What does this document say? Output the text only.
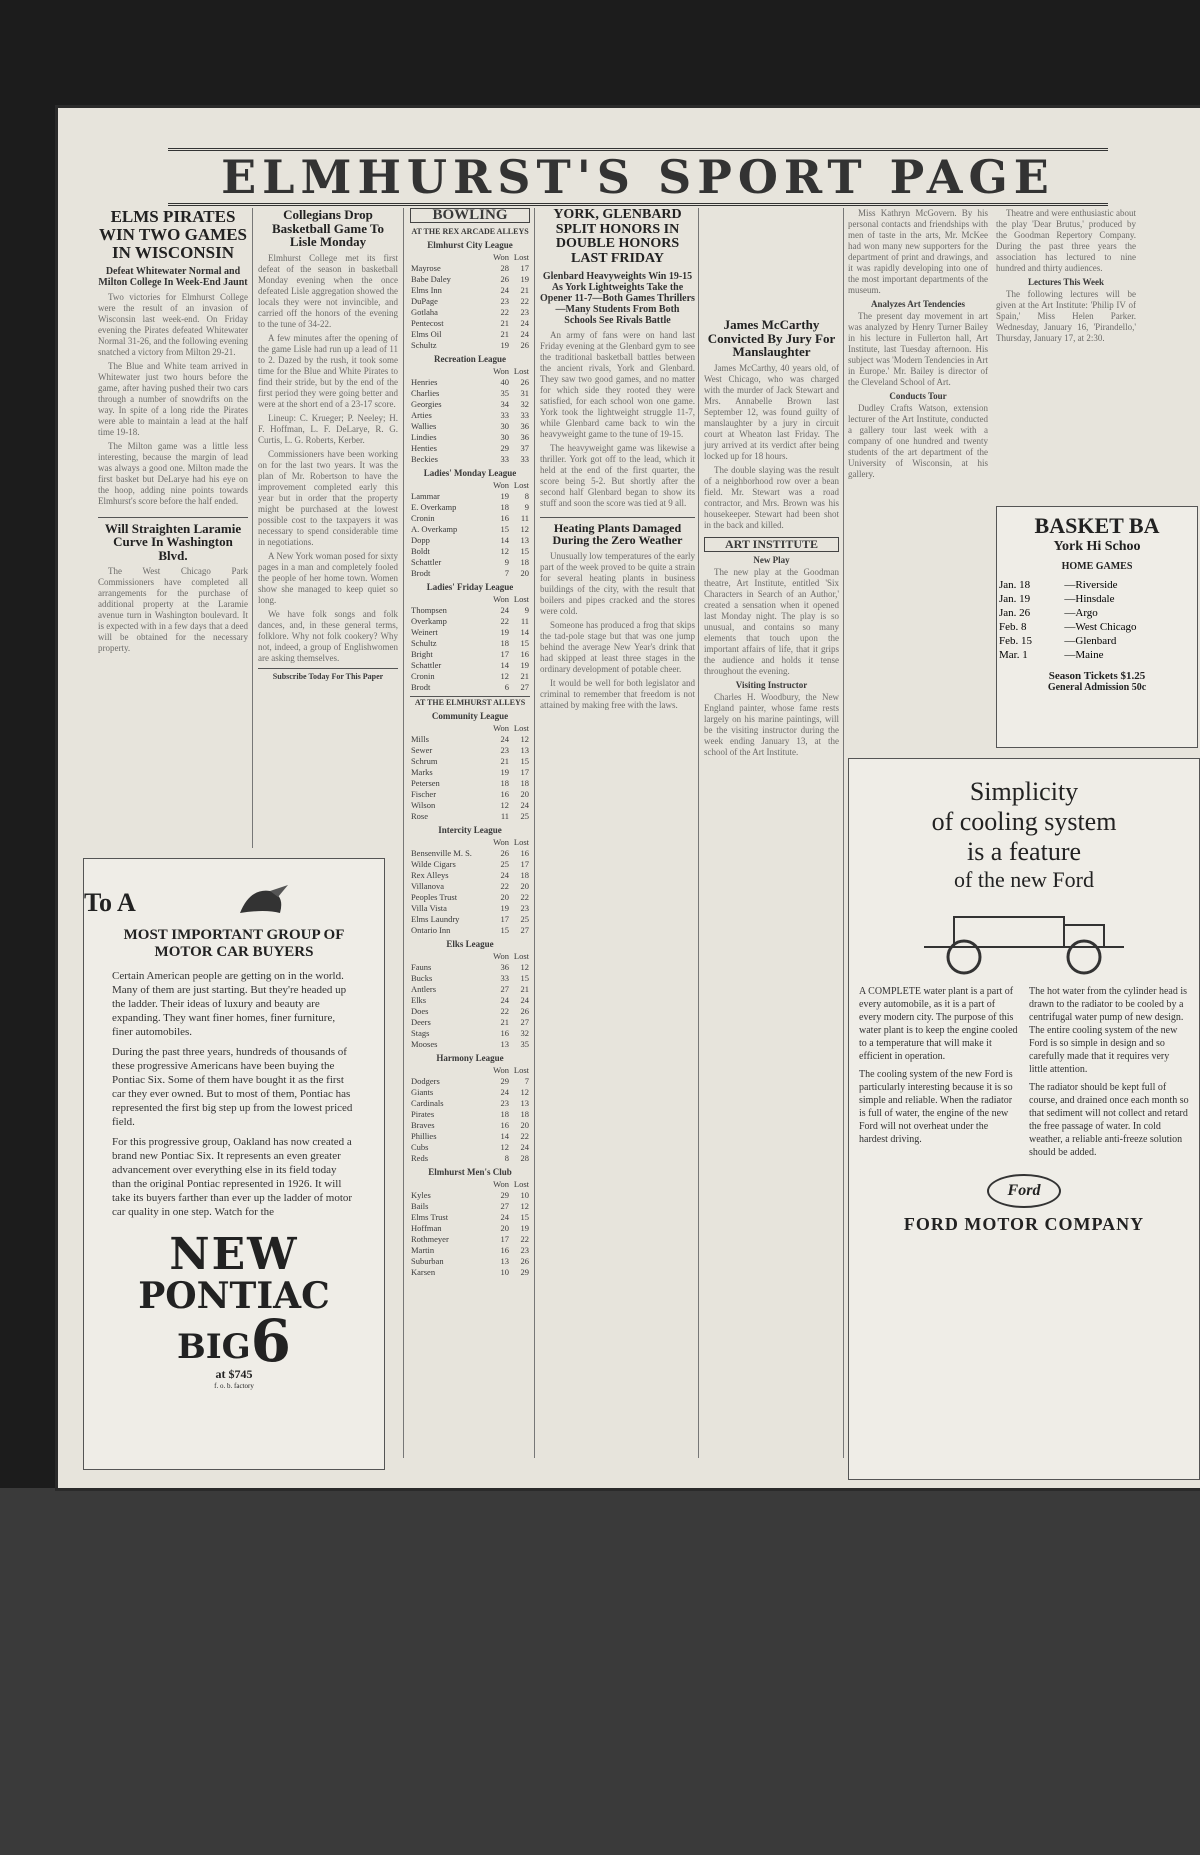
ELMHURST'S SPORT PAGE
ELMS PIRATES WIN TWO GAMES IN WISCONSIN
Defeat Whitewater Normal and Milton College In Week-End Jaunt

Two victories for Elmhurst College were the result of an invasion of Wisconsin last week-end. On Friday evening the Pirates defeated Whitewater Normal 31-26, and the following evening snatched a victory from Milton 29-21.

The Blue and White team arrived in Whitewater just two hours before the game, after having pushed their two cars through a number of snowdrifts on the way. In spite of a long ride the Pirates were able to maintain a lead at the half time 19-18.

The Milton game was a little less interesting, because the margin of lead was always a good one. Milton made the first basket but DeLarye had his eye on the hoop, adding nine points towards Elmhurst's score before the half ended.

Will Straighten Laramie Curve In Washington Blvd.

The West Chicago Park Commissioners have completed all arrangements for the purchase of additional property at the Laramie avenue turn in Washington boulevard. It is expected with in a few days that a deed will be obtained for the necessary property.

Collegians Drop Basketball Game To Lisle Monday

Elmhurst College met its first defeat of the season in basketball Monday evening when the once defeated Lisle aggregation showed the locals they were not invincible, and carried off the honors of the evening to the tune of 34-22.

A few minutes after the opening of the game Lisle had run up a lead of 11 to 2. Dazed by the rush, it took some time for the Blue and White Pirates to find their stride, but by the end of the first period they were going better and were at the short end of a 23-17 score.

Lineup: C. Krueger; P. Neeley; H. F. Hoffman, L. F. DeLarye, R. G. Curtis, L. G. Roberts, Kerber.

Commissioners have been working on for the last two years. It was the plan of Mr. Robertson to have the improvement completed early this year but in order that the property might be purchased at the lowest possible cost to the taxpayers it was necessary to spend considerable time in negotiations.

A New York woman posed for sixty pages in a man and completely fooled the people of her home town. Women show she managed to keep quiet so long.

We have folk songs and folk dances, and, in these general terms, folklore. Why not folk cookery? Why not, indeed, a group of Englishwomen are asking themselves.

Subscribe Today For This Paper
BOWLING
AT THE REX ARCADE ALLEYS
Elmhurst City League
	Won	Lost
Mayrose	28	17
Babe Daley	26	19
Elms Inn	24	21
DuPage	23	22
Gotlaha	22	23
Pentecost	21	24
Elms Oil	21	24
Schultz	19	26
Recreation League
	Won	Lost
Henries	40	26
Charlies	35	31
Georgies	34	32
Arties	33	33
Wallies	30	36
Lindies	30	36
Henties	29	37
Beckies	33	33
Ladies' Monday League
	Won	Lost
Lammar	19	8
E. Overkamp	18	9
Cronin	16	11
A. Overkamp	15	12
Dopp	14	13
Boldt	12	15
Schattler	9	18
Brodt	7	20
Ladies' Friday League
	Won	Lost
Thompsen	24	9
Overkamp	22	11
Weinert	19	14
Schultz	18	15
Bright	17	16
Schattler	14	19
Cronin	12	21
Brodt	6	27
AT THE ELMHURST ALLEYS
Community League
	Won	Lost
Mills	24	12
Sewer	23	13
Schrum	21	15
Marks	19	17
Petersen	18	18
Fischer	16	20
Wilson	12	24
Rose	11	25
Intercity League
	Won	Lost
Bensenville M. S.	26	16
Wilde Cigars	25	17
Rex Alleys	24	18
Villanova	22	20
Peoples Trust	20	22
Villa Vista	19	23
Elms Laundry	17	25
Ontario Inn	15	27
Elks League
	Won	Lost
Fauns	36	12
Bucks	33	15
Antlers	27	21
Elks	24	24
Does	22	26
Deers	21	27
Stags	16	32
Mooses	13	35
Harmony League
	Won	Lost
Dodgers	29	7
Giants	24	12
Cardinals	23	13
Pirates	18	18
Braves	16	20
Phillies	14	22
Cubs	12	24
Reds	8	28
Elmhurst Men's Club
	Won	Lost
Kyles	29	10
Bails	27	12
Elms Trust	24	15
Hoffman	20	19
Rothmeyer	17	22
Martin	16	23
Suburban	13	26
Karsen	10	29
YORK, GLENBARD SPLIT HONORS IN DOUBLE HONORS LAST FRIDAY
Glenbard Heavyweights Win 19-15 As York Lightweights Take the Opener 11-7—Both Games Thrillers—Many Students From Both Schools See Rivals Battle

An army of fans were on hand last Friday evening at the Glenbard gym to see the traditional basketball battles between the ancient rivals, York and Glenbard. They saw two good games, and no matter for which side they rooted they were satisfied, for each school won one game. York took the lightweight struggle 11-7, while Glenbard came back to win the heavyweight game to the tune of 19-15.

The heavyweight game was likewise a thriller. York got off to the lead, which it held at the end of the first quarter, the score being 5-2. But shortly after the second half Glenbard began to show its stuff and soon the score was tied at 9 all.

Heating Plants Damaged During the Zero Weather

Unusually low temperatures of the early part of the week proved to be quite a strain for several heating plants in business buildings of the city, with the result that boilers and pipes cracked and the stores were cold.

Someone has produced a frog that skips the tad-pole stage but that was one jump behind the average New Year's drink that had skipped at least three stages in the ordinary development of potable cheer.

It would be well for both legislator and criminal to remember that freedom is not attained by making free with the laws.

James McCarthy Convicted By Jury For Manslaughter

James McCarthy, 40 years old, of West Chicago, who was charged with the murder of Jack Stewart and Mrs. Annabelle Brown last September 12, was found guilty of manslaughter by a jury in circuit court at Wheaton last Friday. The jury arrived at its verdict after being locked up for 18 hours.

The double slaying was the result of a neighborhood row over a bean field. Mr. Stewart was a road contractor, and Mrs. Brown was his housekeeper. Stewart had been shot in the back and killed.

ART INSTITUTE
New Play

The new play at the Goodman theatre, Art Institute, entitled 'Six Characters in Search of an Author,' created a sensation when it opened last Monday night. The play is so unusual, and contains so many elements that touch upon the important affairs of life, that it grips the audience and holds it tense throughout the evening.

Visiting Instructor

Charles H. Woodbury, the New England painter, whose fame rests largely on his marine paintings, will be the visiting instructor during the week ending January 13, at the school of the Art Institute.

Miss Kathryn McGovern. By his personal contacts and friendships with men of taste in the arts, Mr. McKee had won many new supporters for the department of print and drawings, and it was rapidly developing into one of the most important departments of the museum.

Analyzes Art Tendencies

The present day movement in art was analyzed by Henry Turner Bailey in his lecture in Fullerton hall, Art Institute, last Tuesday afternoon. His subject was 'Modern Tendencies in Art in Europe.' Mr. Bailey is director of the Cleveland School of Art.

Conducts Tour

Dudley Crafts Watson, extension lecturer of the Art Institute, conducted a gallery tour last week with a company of one hundred and twenty students of the art department of the University of Wisconsin, at his gallery.

Theatre and were enthusiastic about the play 'Dear Brutus,' produced by the Goodman Repertory Company. During the past three years the association has lectured to nine hundred and thirty audiences.

Lectures This Week

The following lectures will be given at the Art Institute: 'Philip IV of Spain,' Miss Helen Parker. Wednesday, January 16, 'Pirandello,' Thursday, January 17, at 2:30.

BASKET BA
York Hi Schoo
HOME GAMES
Jan. 18	—Riverside
Jan. 19	—Hinsdale
Jan. 26	—Argo
Feb. 8	—West Chicago
Feb. 15	—Glenbard
Mar. 1	—Maine
Season Tickets $1.25
General Admission 50c
To A
MOST IMPORTANT GROUP OF MOTOR CAR BUYERS

Certain American people are getting on in the world. Many of them are just starting. But they're headed up the ladder. Their ideas of luxury and beauty are expanding. They want finer homes, finer furniture, finer automobiles.

During the past three years, hundreds of thousands of these progressive Americans have been buying the Pontiac Six. Some of them have bought it as the first car they ever owned. But to most of them, Pontiac has represented the first big step up from the lowest priced field.

For this progressive group, Oakland has now created a brand new Pontiac Six. It represents an even greater advancement over everything else in its field today than the original Pontiac represented in 1926. It will take its buyers farther than ever up the ladder of motor car quality in one step. Watch for the

NEW
PONTIAC
BIG 6
at $745
f. o. b. factory
Simplicity
of cooling system
is a feature
of the new Ford

A COMPLETE water plant is a part of every automobile, as it is a part of every modern city. The purpose of this water plant is to keep the engine cooled to a temperature that will make it efficient in operation.

The cooling system of the new Ford is particularly interesting because it is so simple and reliable. When the radiator is full of water, the engine of the new Ford will not overheat under the hardest driving.

The hot water from the cylinder head is drawn to the radiator to be cooled by a centrifugal water pump of new design. The entire cooling system of the new Ford is so simple in design and so carefully made that it requires very little attention.

The radiator should be kept full of course, and drained once each month so that sediment will not collect and retard the free passage of water. In cold weather, a reliable anti-freeze solution should be added.

Ford
FORD MOTOR COMPANY
